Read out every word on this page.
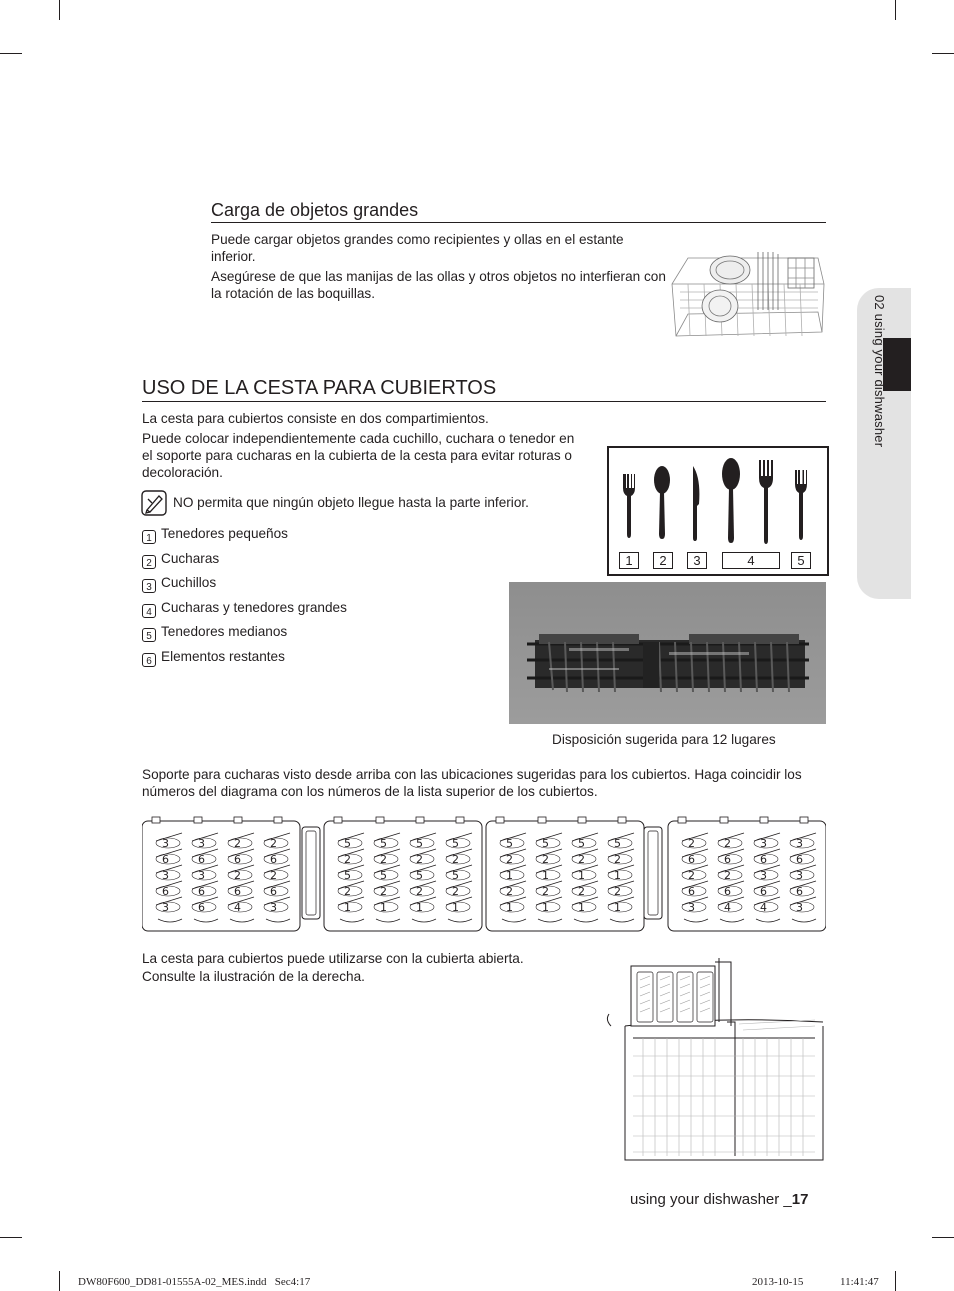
Carga de objetos grandes
Puede cargar objetos grandes como recipientes y ollas en el estante inferior.
Asegúrese de que las manijas de las ollas y otros objetos no interfieran con la rotación de las boquillas.
USO DE LA CESTA PARA CUBIERTOS
La cesta para cubiertos consiste en dos compartimientos.
Puede colocar independientemente cada cuchillo, cuchara o tenedor en el soporte para cucharas en la cubierta de la cesta para evitar roturas o decoloración.
NO permita que ningún objeto llegue hasta la parte inferior.
1 Tenedores pequeños
2 Cucharas
3 Cuchillos
4 Cucharas y tenedores grandes
5 Tenedores medianos
6 Elementos restantes
1	2	3	4	5
Disposición sugerida para 12 lugares
Soporte para cucharas visto desde arriba con las ubicaciones sugeridas para los cubiertos. Haga coincidir los números del diagrama con los números de la lista superior de los cubiertos.
3
6
3
6
3
3
6
3
6
6
2
6
2
6
4
2
6
2
6
3
5
2
5
2
1
5
2
5
2
1
5
2
5
2
1
5
2
5
2
1
5
2
1
2
1
5
2
1
2
1
5
2
1
2
1
5
2
1
2
1
2
6
2
6
3
2
6
2
6
4
3
6
3
6
4
3
6
3
6
3
La cesta para cubiertos puede utilizarse con la cubierta abierta.
Consulte la ilustración de la derecha.
02 using your dishwasher
using your dishwasher _17
DW80F600_DD81-01555A-02_MES.indd   Sec4:17	2013-10-15	11:41:47
